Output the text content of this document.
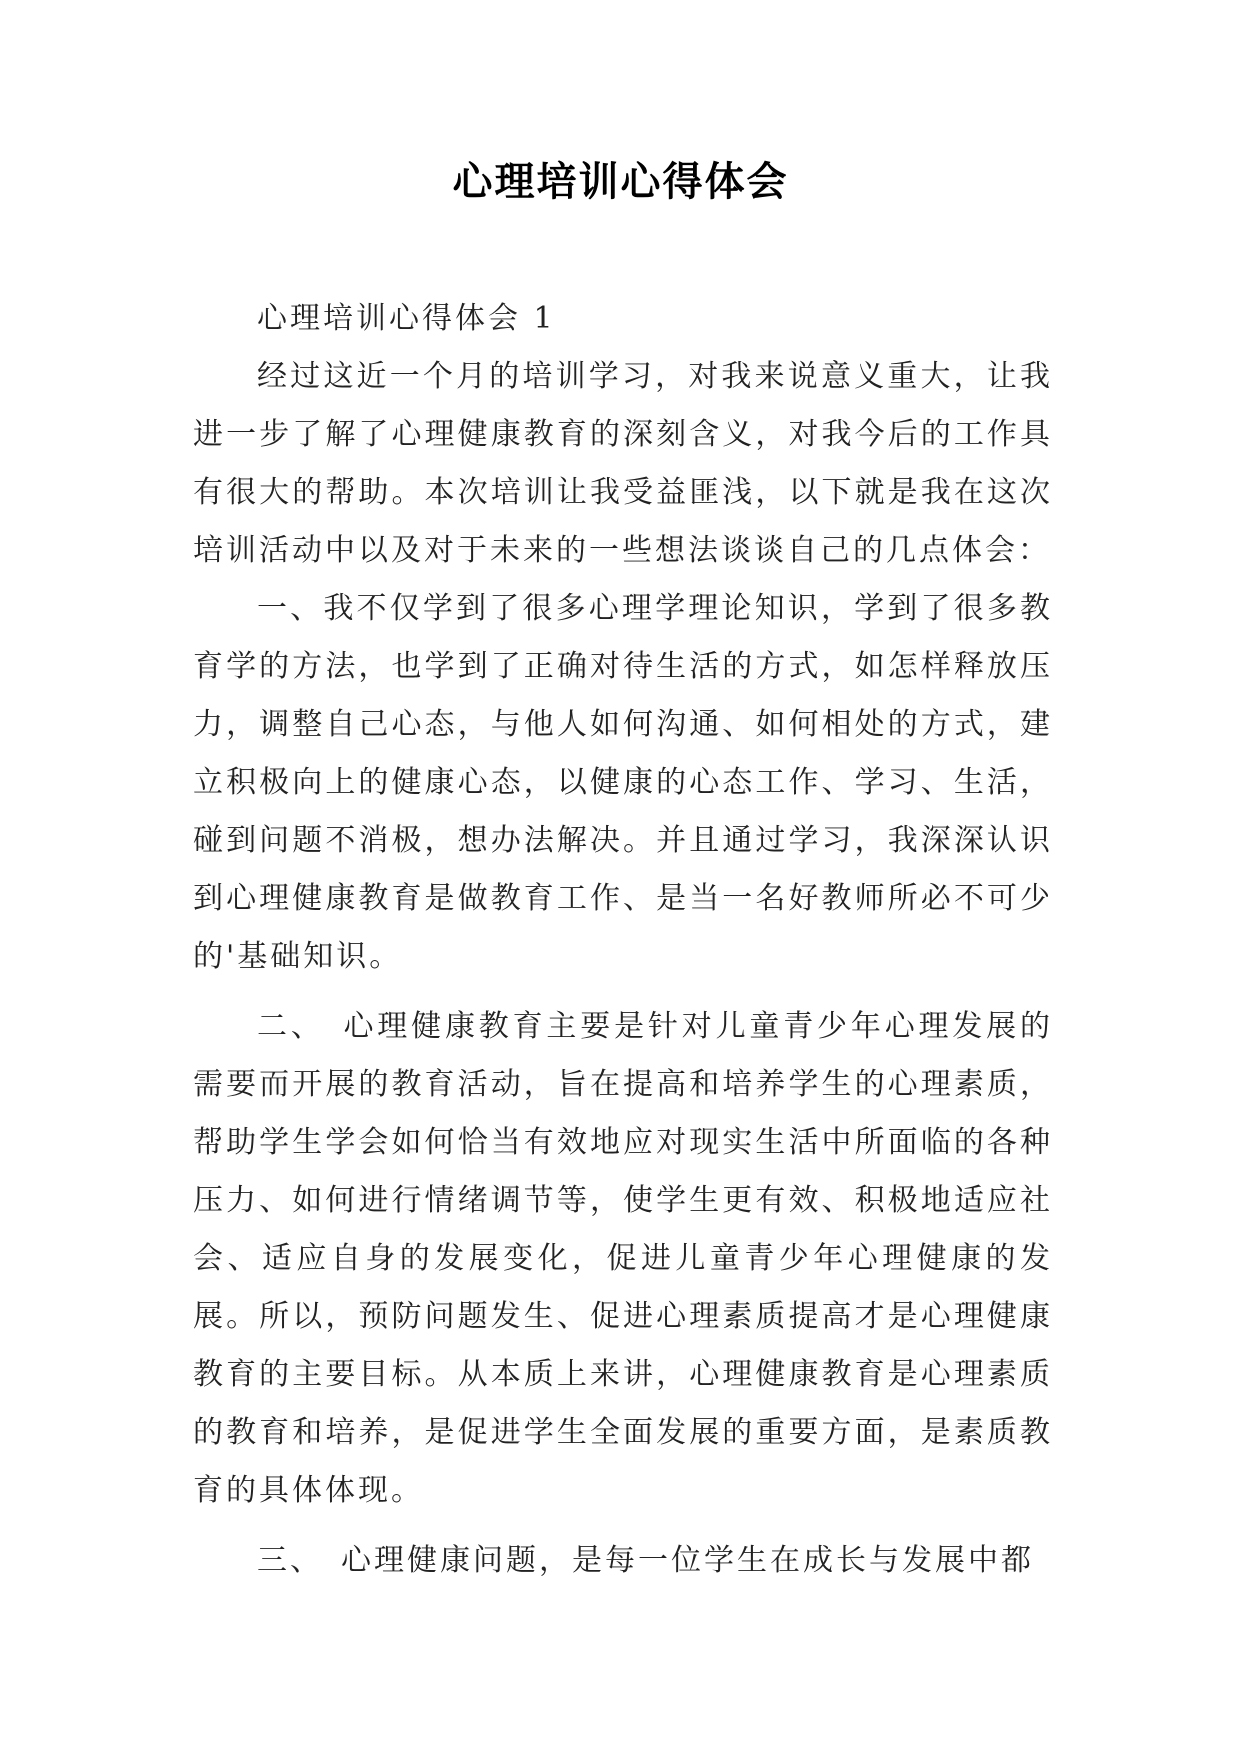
心理培训心得体会

心理培训心得体会 1

经过这近一个月的培训学习，对我来说意义重大，让我进一步了解了心理健康教育的深刻含义，对我今后的工作具有很大的帮助。本次培训让我受益匪浅，以下就是我在这次培训活动中以及对于未来的一些想法谈谈自己的几点体会：

一、我不仅学到了很多心理学理论知识，学到了很多教育学的方法，也学到了正确对待生活的方式，如怎样释放压力，调整自己心态，与他人如何沟通、如何相处的方式，建立积极向上的健康心态，以健康的心态工作、学习、生活，碰到问题不消极，想办法解决。并且通过学习，我深深认识到心理健康教育是做教育工作、是当一名好教师所必不可少的'基础知识。

二、　心理健康教育主要是针对儿童青少年心理发展的需要而开展的教育活动，旨在提高和培养学生的心理素质，帮助学生学会如何恰当有效地应对现实生活中所面临的各种压力、如何进行情绪调节等，使学生更有效、积极地适应社会、适应自身的发展变化，促进儿童青少年心理健康的发展。所以，预防问题发生、促进心理素质提高才是心理健康教育的主要目标。从本质上来讲，心理健康教育是心理素质的教育和培养，是促进学生全面发展的重要方面，是素质教育的具体体现。

三、　心理健康问题，是每一位学生在成长与发展中都
